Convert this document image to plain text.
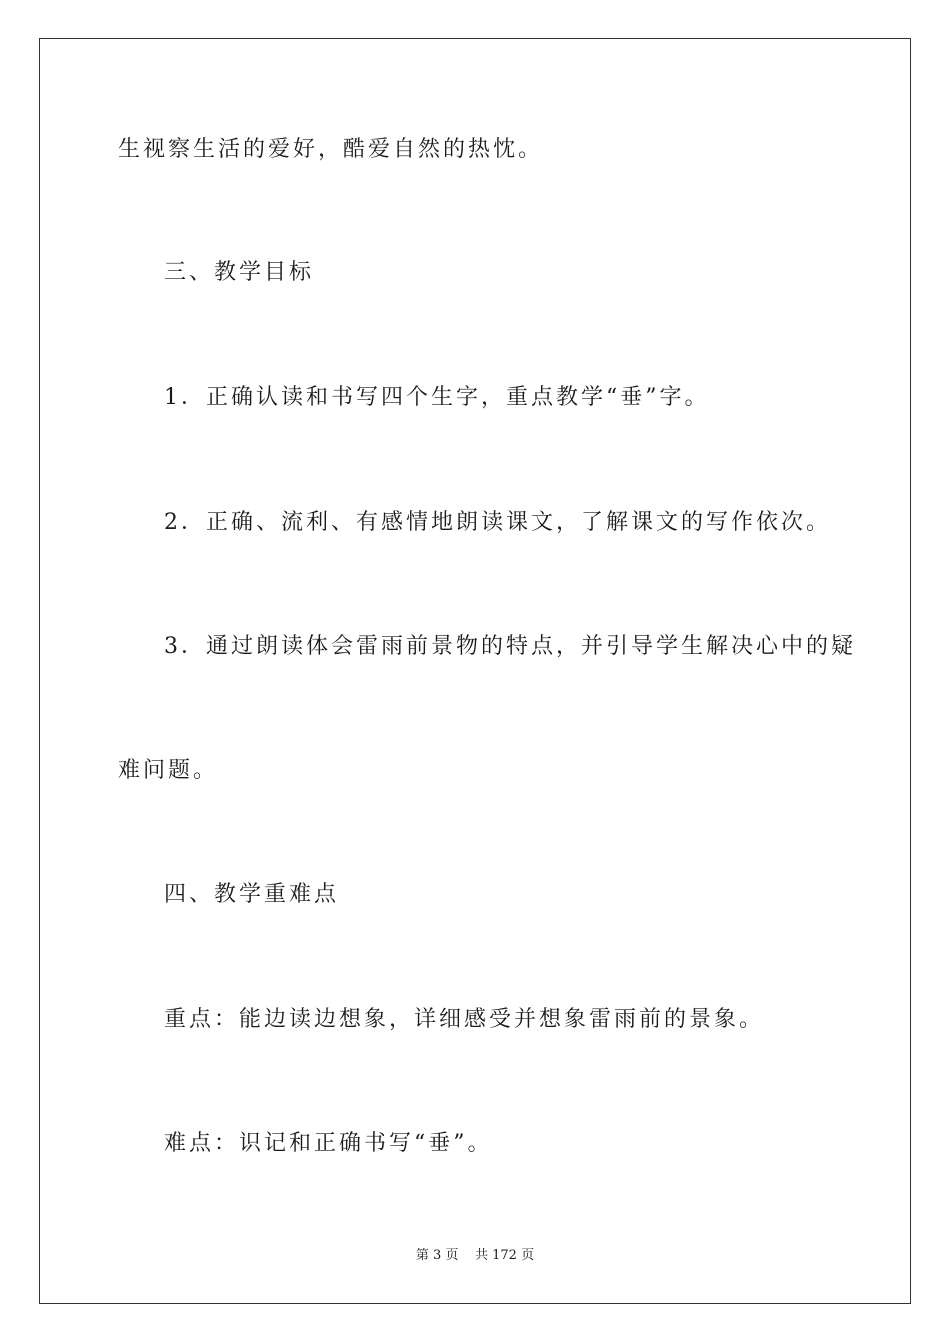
生视察生活的爱好，酷爱自然的热忱。
三、教学目标
1．正确认读和书写四个生字，重点教学“垂”字。
2．正确、流利、有感情地朗读课文，了解课文的写作依次。
3．通过朗读体会雷雨前景物的特点，并引导学生解决心中的疑
难问题。
四、教学重难点
重点：能边读边想象，详细感受并想象雷雨前的景象。
难点：识记和正确书写“垂”。
第 3 页    共 172 页
